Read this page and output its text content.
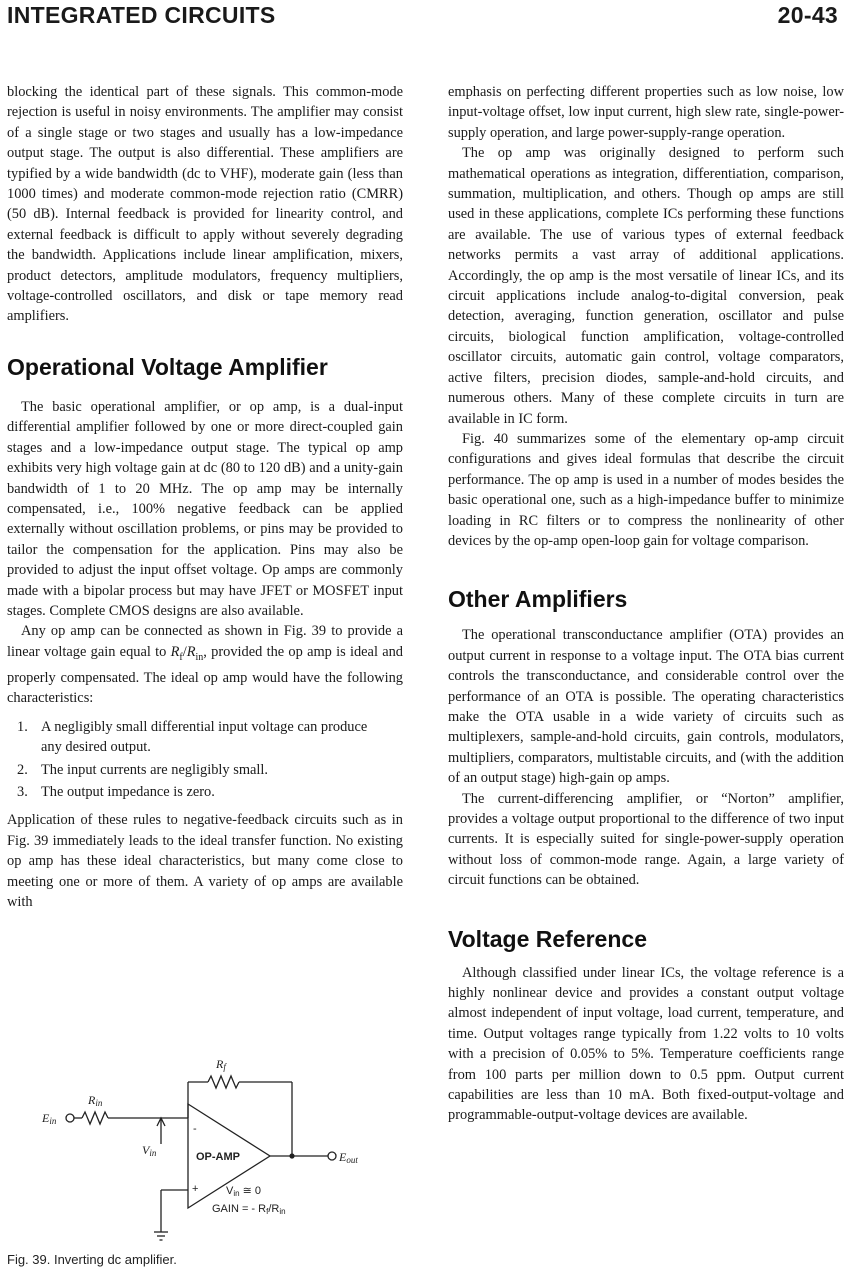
INTEGRATED CIRCUITS	20-43

blocking the identical part of these signals. This common-mode rejection is useful in noisy environments. The amplifier may consist of a single stage or two stages and usually has a low-impedance output stage. The output is also differential. These amplifiers are typified by a wide bandwidth (dc to VHF), moderate gain (less than 1000 times) and moderate common-mode rejection ratio (CMRR) (50 dB). Internal feedback is provided for linearity control, and external feedback is difficult to apply without severely degrading the bandwidth. Applications include linear amplification, mixers, product detectors, amplitude modulators, frequency multipliers, voltage-controlled oscillators, and disk or tape memory read amplifiers.

Operational Voltage Amplifier

The basic operational amplifier, or op amp, is a dual-input differential amplifier followed by one or more direct-coupled gain stages and a low-impedance output stage. The typical op amp exhibits very high voltage gain at dc (80 to 120 dB) and a unity-gain bandwidth of 1 to 20 MHz. The op amp may be internally compensated, i.e., 100% negative feedback can be applied externally without oscillation problems, or pins may be provided to tailor the compensation for the application. Pins may also be provided to adjust the input offset voltage. Op amps are commonly made with a bipolar process but may have JFET or MOSFET input stages. Complete CMOS designs are also available.

Any op amp can be connected as shown in Fig. 39 to provide a linear voltage gain equal to $R_f/R_{in}$, provided the op amp is ideal and properly compensated. The ideal op amp would have the following characteristics:

1. A negligibly small differential input voltage can produce any desired output.
2. The input currents are negligibly small.
3. The output impedance is zero.

Application of these rules to negative-feedback circuits such as in Fig. 39 immediately leads to the ideal transfer function. No existing op amp has these ideal characteristics, but many come close to meeting one or more of them. A variety of op amps are available with

emphasis on perfecting different properties such as low noise, low input-voltage offset, low input current, high slew rate, single-power-supply operation, and large power-supply-range operation.

The op amp was originally designed to perform such mathematical operations as integration, differentiation, comparison, summation, multiplication, and others. Though op amps are still used in these applications, complete ICs performing these functions are available. The use of various types of external feedback networks permits a vast array of additional applications. Accordingly, the op amp is the most versatile of linear ICs, and its circuit applications include analog-to-digital conversion, peak detection, averaging, function generation, oscillator and pulse circuits, biological function amplification, voltage-controlled oscillator circuits, automatic gain control, voltage comparators, active filters, precision diodes, sample-and-hold circuits, and numerous others. Many of these complete circuits in turn are available in IC form.

Fig. 40 summarizes some of the elementary op-amp circuit configurations and gives ideal formulas that describe the circuit performance. The op amp is used in a number of modes besides the basic operational one, such as a high-impedance buffer to minimize loading in RC filters or to compress the nonlinearity of other devices by the op-amp open-loop gain for voltage comparison.

Other Amplifiers

The operational transconductance amplifier (OTA) provides an output current in response to a voltage input. The OTA bias current controls the transconductance, and considerable control over the performance of an OTA is possible. The operating characteristics make the OTA usable in a wide variety of circuits such as multiplexers, sample-and-hold circuits, gain controls, modulators, multipliers, comparators, multistable circuits, and (with the addition of an output stage) high-gain op amps.

The current-differencing amplifier, or “Norton” amplifier, provides a voltage output proportional to the difference of two input currents. It is especially suited for single-power-supply operation without loss of common-mode range. Again, a large variety of circuit functions can be obtained.

Voltage Reference

Although classified under linear ICs, the voltage reference is a highly nonlinear device and provides a constant output voltage almost independent of input voltage, load current, temperature, and time. Output voltages range typically from 1.22 volts to 10 volts with a precision of 0.05% to 5%. Temperature coefficients range from 100 parts per million down to 0.5 ppm. Output current capabilities are less than 10 mA. Both fixed-output-voltage and programmable-output-voltage devices are available.

Rf
Rin
Ein
Vin	Eout
OP-AMP
-
+	Vin ≅ 0
GAIN = - Rf/Rin
Fig. 39. Inverting dc amplifier.
